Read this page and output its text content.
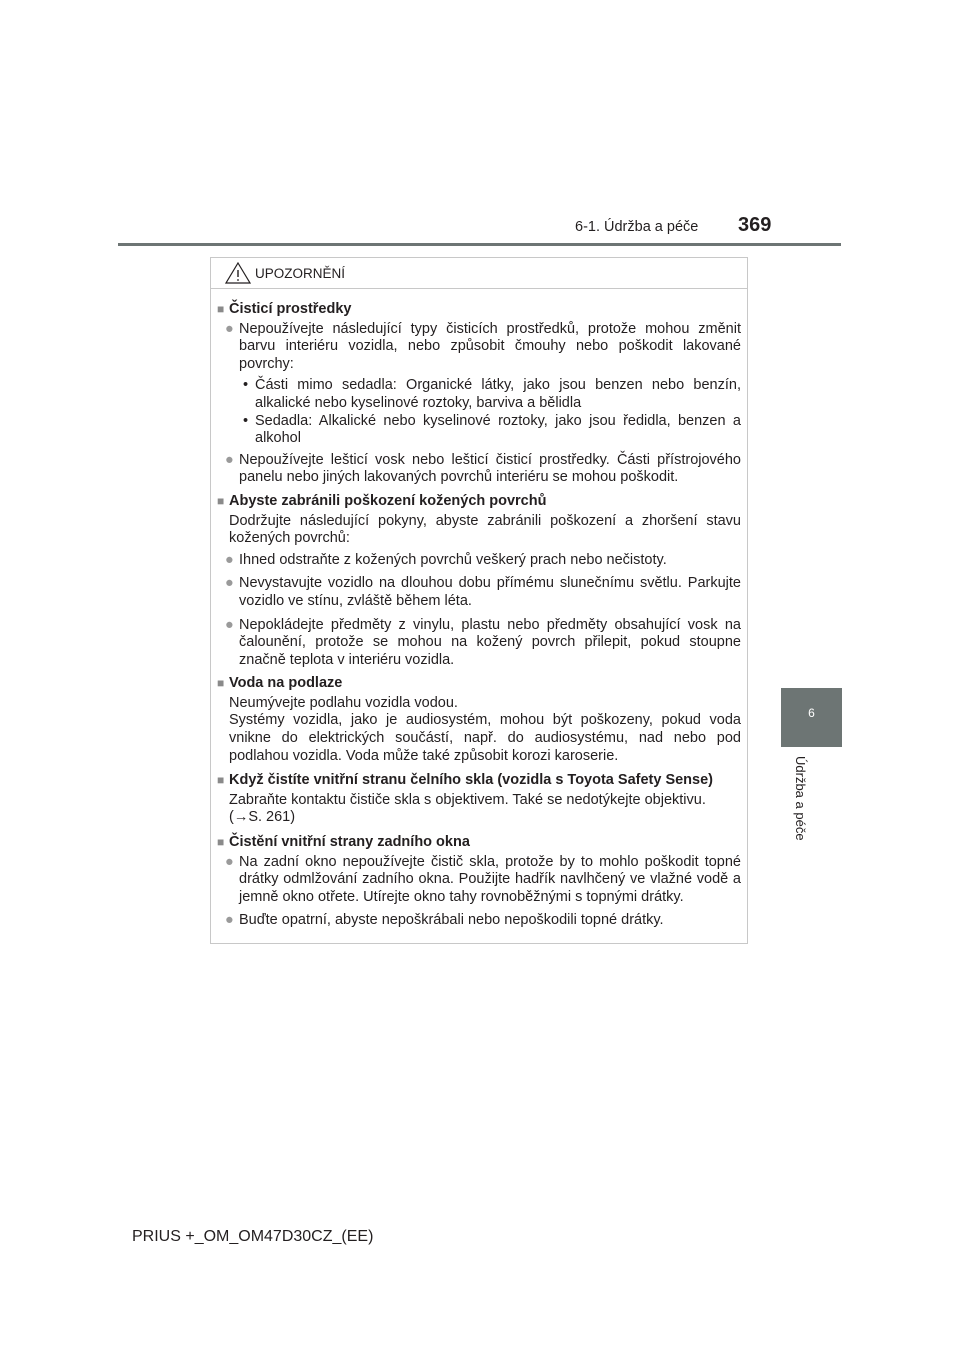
6-1. Údržba a péče 369
6
Údržba a péče
UPOZORNĚNÍ
■ Čisticí prostředky
● Nepoužívejte následující typy čisticích prostředků, protože mohou změnit barvu interiéru vozidla, nebo způsobit čmouhy nebo poškodit lakované povrchy:
• Části mimo sedadla: Organické látky, jako jsou benzen nebo benzín, alkalické nebo kyselinové roztoky, barviva a bělidla
• Sedadla: Alkalické nebo kyselinové roztoky, jako jsou ředidla, benzen a alkohol
● Nepoužívejte lešticí vosk nebo lešticí čisticí prostředky. Části přístrojového panelu nebo jiných lakovaných povrchů interiéru se mohou poškodit.
■ Abyste zabránili poškození kožených povrchů
Dodržujte následující pokyny, abyste zabránili poškození a zhoršení stavu kožených povrchů:
● Ihned odstraňte z kožených povrchů veškerý prach nebo nečistoty.
● Nevystavujte vozidlo na dlouhou dobu přímému slunečnímu světlu. Parkujte vozidlo ve stínu, zvláště během léta.
● Nepokládejte předměty z vinylu, plastu nebo předměty obsahující vosk na čalounění, protože se mohou na kožený povrch přilepit, pokud stoupne značně teplota v interiéru vozidla.
■ Voda na podlaze
Neumývejte podlahu vozidla vodou.
Systémy vozidla, jako je audiosystém, mohou být poškozeny, pokud voda vnikne do elektrických součástí, např. do audiosystému, nad nebo pod podlahou vozidla. Voda může také způsobit korozi karoserie.
■ Když čistíte vnitřní stranu čelního skla (vozidla s Toyota Safety Sense)
Zabraňte kontaktu čističe skla s objektivem. Také se nedotýkejte objektivu.
(→S. 261)
■ Čistění vnitřní strany zadního okna
● Na zadní okno nepoužívejte čistič skla, protože by to mohlo poškodit topné drátky odmlžování zadního okna. Použijte hadřík navlhčený ve vlažné vodě a jemně okno otřete. Utírejte okno tahy rovnoběžnými s topnými drátky.
● Buďte opatrní, abyste nepoškrábali nebo nepoškodili topné drátky.
PRIUS +_OM_OM47D30CZ_(EE)
